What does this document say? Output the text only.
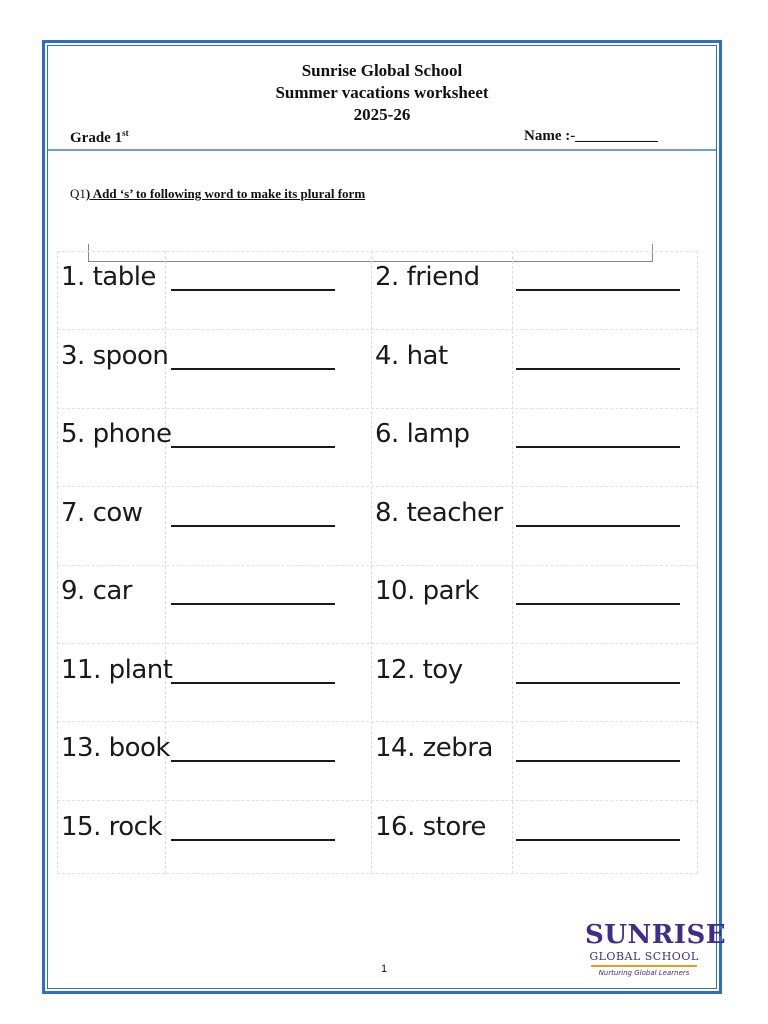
Sunrise Global School
Summer vacations worksheet
2025-26
Grade 1st	Name :-___________
Q1) Add ‘s’ to following word to make its plural form
1. table	2. friend
3. spoon	4. hat
5. phone	6. lamp
7. cow	8. teacher
9. car	10. park
11. plant	12. toy
13. book	14. zebra
15. rock	16. store
SUNRISE
GLOBAL SCHOOL
Nurturing Global Learners
1
